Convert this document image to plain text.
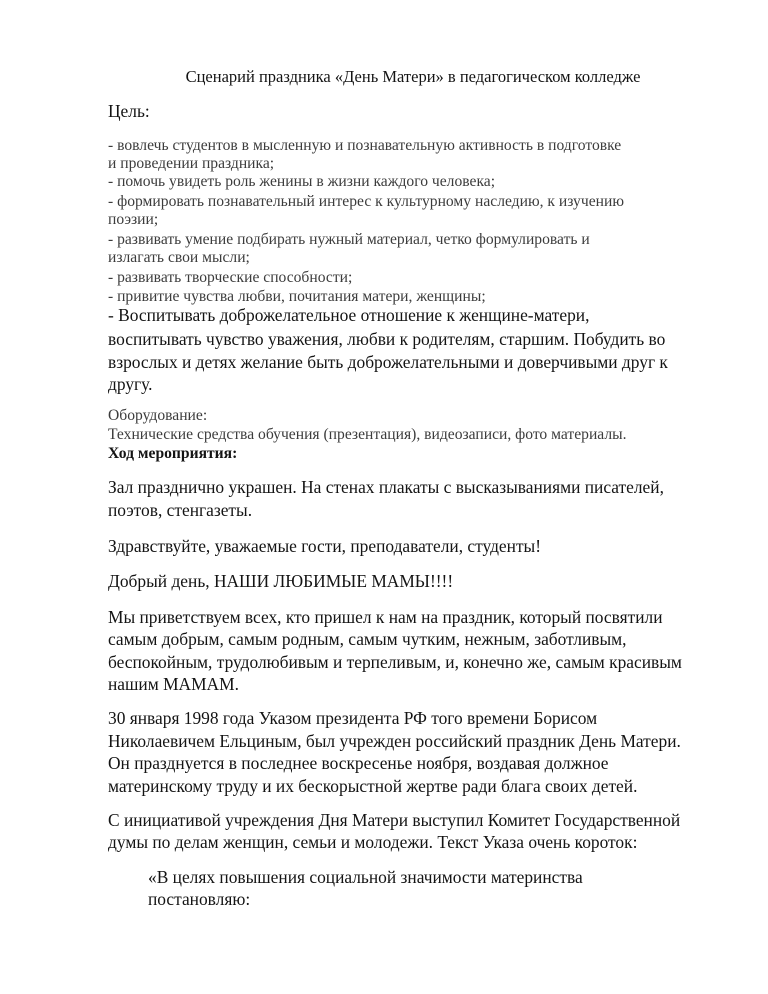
Сценарий праздника «День Матери» в педагогическом колледже

Цель:

- вовлечь студентов в мысленную и познавательную активность в подготовке

и проведении праздника;

- помочь увидеть роль женины в жизни каждого человека;

- формировать познавательный интерес к культурному наследию, к изучению

поэзии;

- развивать умение подбирать нужный материал, четко формулировать и

излагать свои мысли;

- развивать творческие способности;

- привитие чувства любви, почитания матери, женщины;

- Воспитывать доброжелательное отношение к женщине-матери,

воспитывать чувство уважения, любви к родителям, старшим. Побудить во

взрослых и детях желание быть доброжелательными и доверчивыми друг к

другу.

Оборудование:

Технические средства обучения (презентация), видеозаписи, фото материалы.

Ход мероприятия:

Зал празднично украшен. На стенах плакаты с высказываниями писателей,

поэтов, стенгазеты.

Здравствуйте, уважаемые гости, преподаватели, студенты!

Добрый день, НАШИ ЛЮБИМЫЕ МАМЫ!!!!

Мы приветствуем всех, кто пришел к нам на праздник, который посвятили

самым добрым, самым родным, самым чутким, нежным, заботливым,

беспокойным, трудолюбивым и терпеливым, и, конечно же, самым красивым

нашим МАМАМ.

30 января 1998 года Указом президента РФ того времени Борисом

Николаевичем Ельциным, был учрежден российский праздник День Матери.

Он празднуется в последнее воскресенье ноября, воздавая должное

материнскому труду и их бескорыстной жертве ради блага своих детей.

С инициативой учреждения Дня Матери выступил Комитет Государственной

думы по делам женщин, семьи и молодежи. Текст Указа очень короток:

«В целях повышения социальной значимости материнства

постановляю:
